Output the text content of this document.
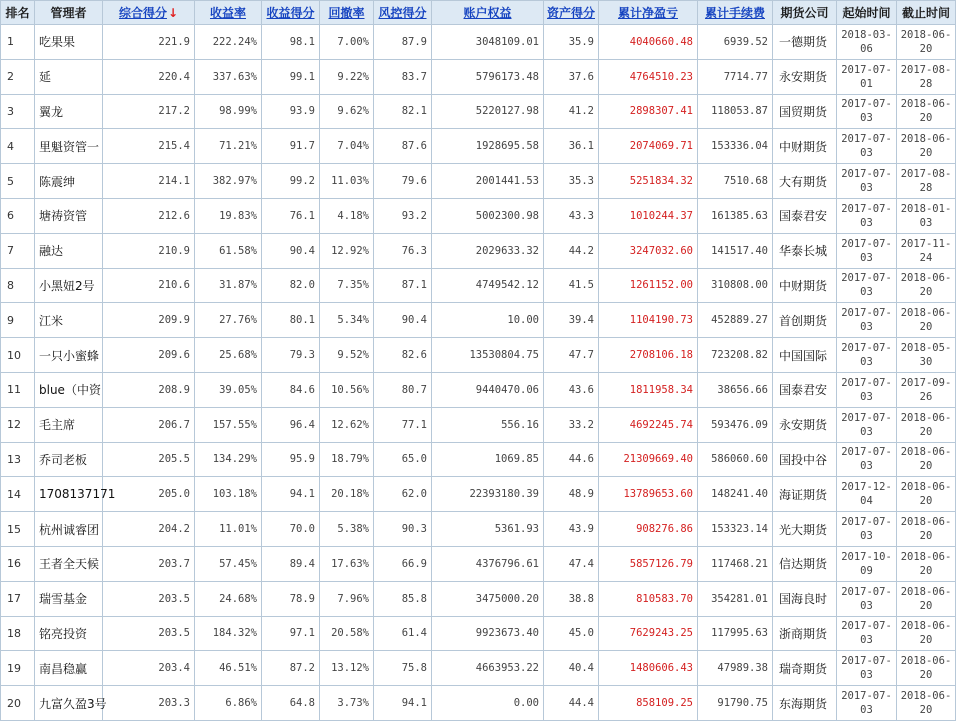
排名	管理者	综合得分↓	收益率	收益得分	回撤率	风控得分	账户权益	资产得分	累计净盈亏	累计手续费	期货公司	起始时间	截止时间
1	吃果果	221.9	222.24%	98.1	7.00%	87.9	3048109.01	35.9	4040660.48	6939.52	一德期货	2018-03-06	2018-06-20
2	延	220.4	337.63%	99.1	9.22%	83.7	5796173.48	37.6	4764510.23	7714.77	永安期货	2017-07-01	2017-08-28
3	翼龙	217.2	98.99%	93.9	9.62%	82.1	5220127.98	41.2	2898307.41	118053.87	国贸期货	2017-07-03	2018-06-20
4	里魁资管一	215.4	71.21%	91.7	7.04%	87.6	1928695.58	36.1	2074069.71	153336.04	中财期货	2017-07-03	2018-06-20
5	陈震绅	214.1	382.97%	99.2	11.03%	79.6	2001441.53	35.3	5251834.32	7510.68	大有期货	2017-07-03	2017-08-28
6	塘祷资管	212.6	19.83%	76.1	4.18%	93.2	5002300.98	43.3	1010244.37	161385.63	国泰君安	2017-07-03	2018-01-03
7	融达	210.9	61.58%	90.4	12.92%	76.3	2029633.32	44.2	3247032.60	141517.40	华泰长城	2017-07-03	2017-11-24
8	小黑妞2号	210.6	31.87%	82.0	7.35%	87.1	4749542.12	41.5	1261152.00	310808.00	中财期货	2017-07-03	2018-06-20
9	江米	209.9	27.76%	80.1	5.34%	90.4	10.00	39.4	1104190.73	452889.27	首创期货	2017-07-03	2018-06-20
10	一只小蜜蜂	209.6	25.68%	79.3	9.52%	82.6	13530804.75	47.7	2708106.18	723208.82	中国国际	2017-07-03	2018-05-30
11	blue（中资	208.9	39.05%	84.6	10.56%	80.7	9440470.06	43.6	1811958.34	38656.66	国泰君安	2017-07-03	2017-09-26
12	毛主席	206.7	157.55%	96.4	12.62%	77.1	556.16	33.2	4692245.74	593476.09	永安期货	2017-07-03	2018-06-20
13	乔司老板	205.5	134.29%	95.9	18.79%	65.0	1069.85	44.6	21309669.40	586060.60	国投中谷	2017-07-03	2018-06-20
14	1708137171	205.0	103.18%	94.1	20.18%	62.0	22393180.39	48.9	13789653.60	148241.40	海证期货	2017-12-04	2018-06-20
15	杭州诚睿团	204.2	11.01%	70.0	5.38%	90.3	5361.93	43.9	908276.86	153323.14	光大期货	2017-07-03	2018-06-20
16	王者全天候	203.7	57.45%	89.4	17.63%	66.9	4376796.61	47.4	5857126.79	117468.21	信达期货	2017-10-09	2018-06-20
17	瑞雪基金	203.5	24.68%	78.9	7.96%	85.8	3475000.20	38.8	810583.70	354281.01	国海良时	2017-07-03	2018-06-20
18	铭亮投资	203.5	184.32%	97.1	20.58%	61.4	9923673.40	45.0	7629243.25	117995.63	浙商期货	2017-07-03	2018-06-20
19	南昌稳赢	203.4	46.51%	87.2	13.12%	75.8	4663953.22	40.4	1480606.43	47989.38	瑞奇期货	2017-07-03	2018-06-20
20	九富久盈3号	203.3	6.86%	64.8	3.73%	94.1	0.00	44.4	858109.25	91790.75	东海期货	2017-07-03	2018-06-20
